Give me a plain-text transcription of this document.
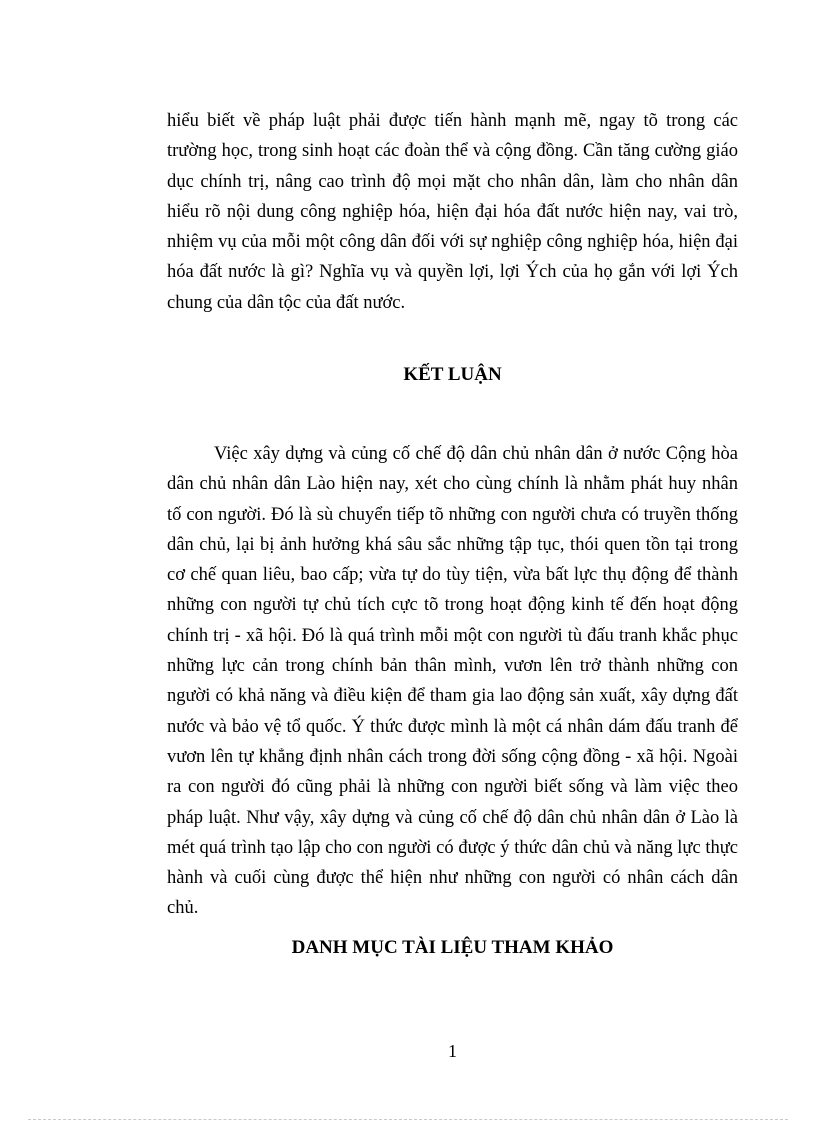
hiểu biết về pháp luật phải được tiến hành mạnh mẽ, ngay tõ trong các trường học, trong sinh hoạt các đoàn thể và cộng đồng. Cần tăng cường giáo dục chính trị, nâng cao trình độ mọi mặt cho nhân dân, làm cho nhân dân hiểu rõ nội dung công nghiệp hóa, hiện đại hóa đất nước hiện nay, vai trò, nhiệm vụ của mỗi một công dân đối với sự nghiệp công nghiệp hóa, hiện đại hóa đất nước là gì? Nghĩa vụ và quyền lợi, lợi Ých của họ gắn với lợi Ých chung của dân tộc của đất nước.

KẾT LUẬN

Việc xây dựng và củng cố chế độ dân chủ nhân dân ở nước Cộng hòa dân chủ nhân dân Lào hiện nay, xét cho cùng chính là nhằm phát huy nhân tố con người. Đó là sù chuyển tiếp tõ những con người chưa có truyền thống dân chủ, lại bị ảnh hưởng khá sâu sắc những tập tục, thói quen tồn tại trong cơ chế quan liêu, bao cấp; vừa tự do tùy tiện, vừa bất lực thụ động để thành những con người tự chủ tích cực tõ trong hoạt động kinh tế đến hoạt động chính trị - xã hội. Đó là quá trình mỗi một con người tù đấu tranh khắc phục những lực cản trong chính bản thân mình, vươn lên trở thành những con người có khả năng và điều kiện để tham gia lao động sản xuất, xây dựng đất nước và bảo vệ tổ quốc. Ý thức được mình là một cá nhân dám đấu tranh để vươn lên tự khẳng định nhân cách trong đời sống cộng đồng - xã hội. Ngoài ra con người đó cũng phải là những con người biết sống và làm việc theo pháp luật. Như vậy, xây dựng và củng cố chế độ dân chủ nhân dân ở Lào là mét quá trình tạo lập cho con người có được ý thức dân chủ và năng lực thực hành và cuối cùng được thể hiện như những con người có nhân cách dân chủ.

DANH MỤC TÀI LIỆU THAM KHẢO

1
